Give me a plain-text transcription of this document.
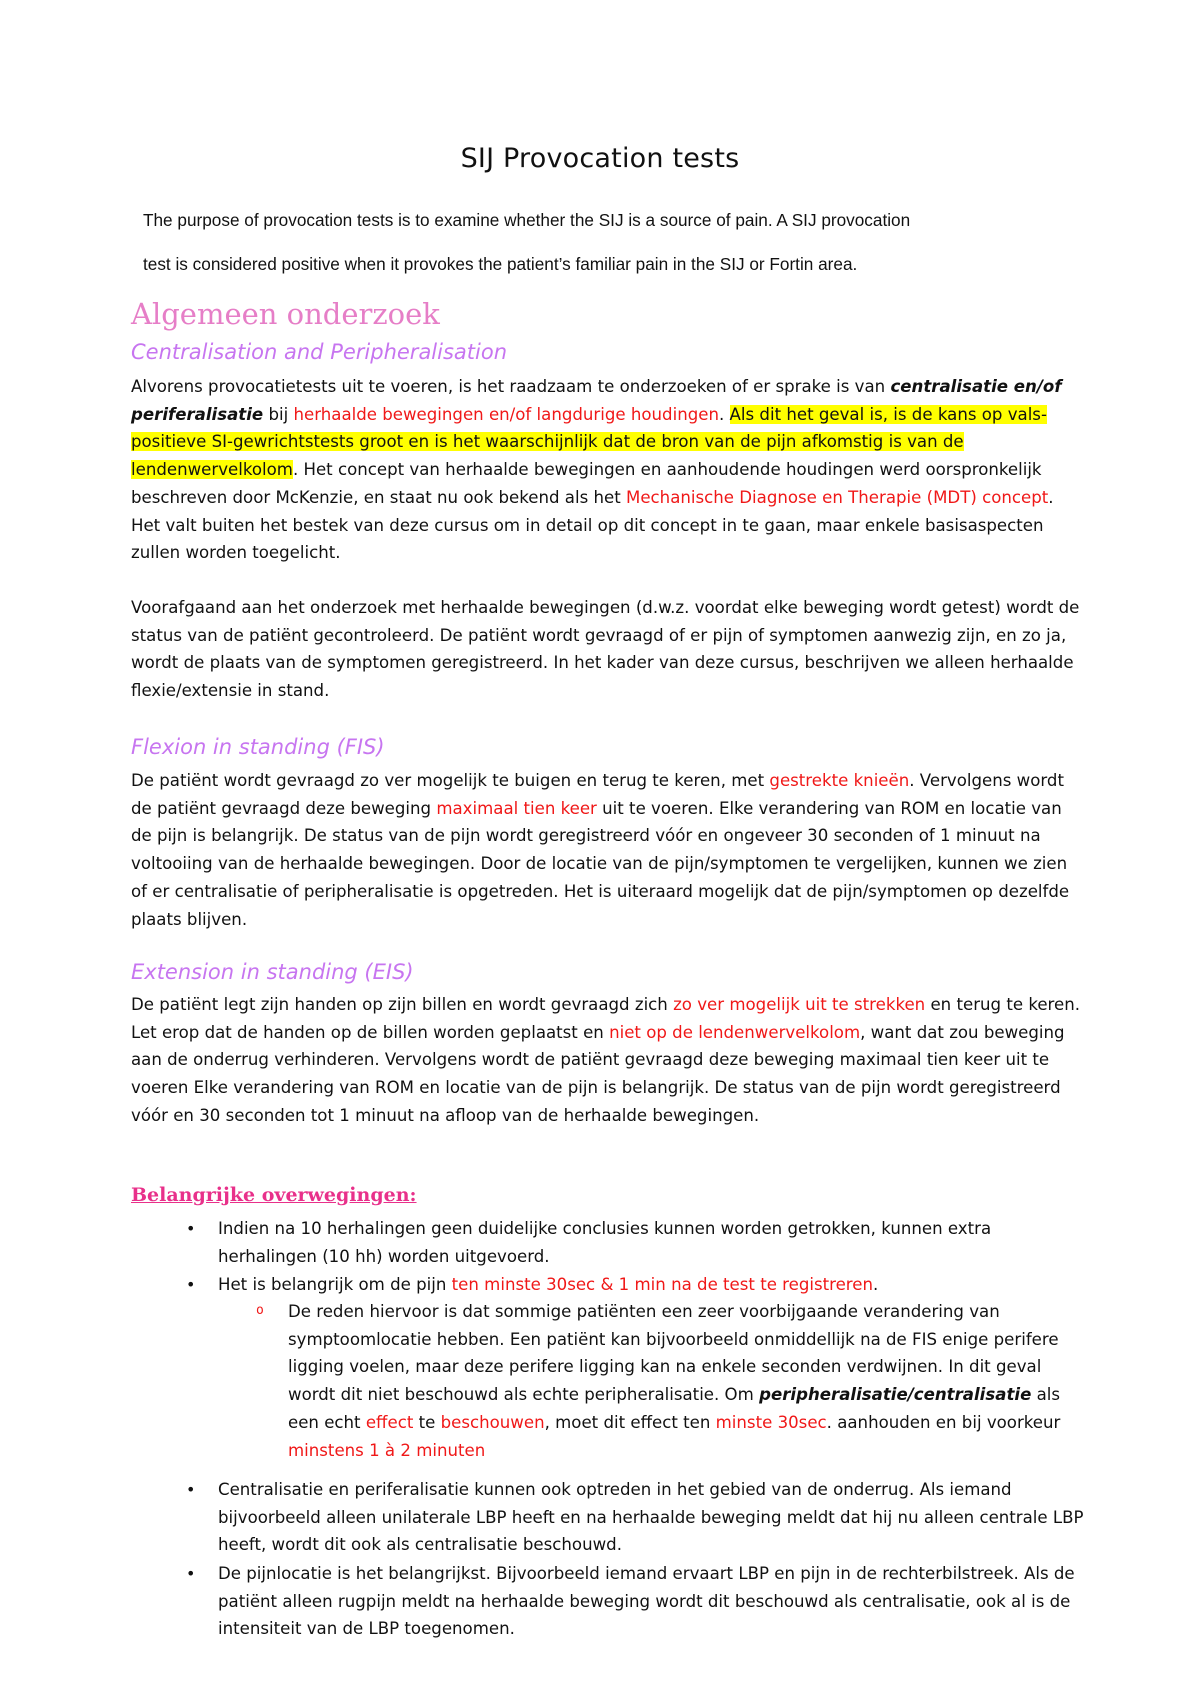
SIJ Provocation tests
The purpose of provocation tests is to examine whether the SIJ is a source of pain. A SIJ provocation
test is considered positive when it provokes the patient’s familiar pain in the SIJ or Fortin area.
Algemeen onderzoek
Centralisation and Peripheralisation
Alvorens provocatietests uit te voeren, is het raadzaam te onderzoeken of er sprake is van centralisatie en/of periferalisatie bij herhaalde bewegingen en/of langdurige houdingen. Als dit het geval is, is de kans op vals-positieve SI-gewrichtstests groot en is het waarschijnlijk dat de bron van de pijn afkomstig is van de lendenwervelkolom. Het concept van herhaalde bewegingen en aanhoudende houdingen werd oorspronkelijk beschreven door McKenzie, en staat nu ook bekend als het Mechanische Diagnose en Therapie (MDT) concept. Het valt buiten het bestek van deze cursus om in detail op dit concept in te gaan, maar enkele basisaspecten zullen worden toegelicht.
Voorafgaand aan het onderzoek met herhaalde bewegingen (d.w.z. voordat elke beweging wordt getest) wordt de status van de patiënt gecontroleerd. De patiënt wordt gevraagd of er pijn of symptomen aanwezig zijn, en zo ja, wordt de plaats van de symptomen geregistreerd. In het kader van deze cursus, beschrijven we alleen herhaalde flexie/extensie in stand.
Flexion in standing (FIS)
De patiënt wordt gevraagd zo ver mogelijk te buigen en terug te keren, met gestrekte knieën. Vervolgens wordt de patiënt gevraagd deze beweging maximaal tien keer uit te voeren. Elke verandering van ROM en locatie van de pijn is belangrijk. De status van de pijn wordt geregistreerd vóór en ongeveer 30 seconden of 1 minuut na voltooiing van de herhaalde bewegingen. Door de locatie van de pijn/symptomen te vergelijken, kunnen we zien of er centralisatie of peripheralisatie is opgetreden. Het is uiteraard mogelijk dat de pijn/symptomen op dezelfde plaats blijven.
Extension in standing (EIS)
De patiënt legt zijn handen op zijn billen en wordt gevraagd zich zo ver mogelijk uit te strekken en terug te keren. Let erop dat de handen op de billen worden geplaatst en niet op de lendenwervelkolom, want dat zou beweging aan de onderrug verhinderen. Vervolgens wordt de patiënt gevraagd deze beweging maximaal tien keer uit te voeren Elke verandering van ROM en locatie van de pijn is belangrijk. De status van de pijn wordt geregistreerd vóór en 30 seconden tot 1 minuut na afloop van de herhaalde bewegingen.
Belangrijke overwegingen:
• Indien na 10 herhalingen geen duidelijke conclusies kunnen worden getrokken, kunnen extra herhalingen (10 hh) worden uitgevoerd.
• Het is belangrijk om de pijn ten minste 30sec & 1 min na de test te registreren.
o De reden hiervoor is dat sommige patiënten een zeer voorbijgaande verandering van symptoomlocatie hebben. Een patiënt kan bijvoorbeeld onmiddellijk na de FIS enige perifere ligging voelen, maar deze perifere ligging kan na enkele seconden verdwijnen. In dit geval wordt dit niet beschouwd als echte peripheralisatie. Om peripheralisatie/centralisatie als een echt effect te beschouwen, moet dit effect ten minste 30sec. aanhouden en bij voorkeur minstens 1 à 2 minuten
• Centralisatie en periferalisatie kunnen ook optreden in het gebied van de onderrug. Als iemand bijvoorbeeld alleen unilaterale LBP heeft en na herhaalde beweging meldt dat hij nu alleen centrale LBP heeft, wordt dit ook als centralisatie beschouwd.
• De pijnlocatie is het belangrijkst. Bijvoorbeeld iemand ervaart LBP en pijn in de rechterbilstreek. Als de patiënt alleen rugpijn meldt na herhaalde beweging wordt dit beschouwd als centralisatie, ook al is de intensiteit van de LBP toegenomen.
